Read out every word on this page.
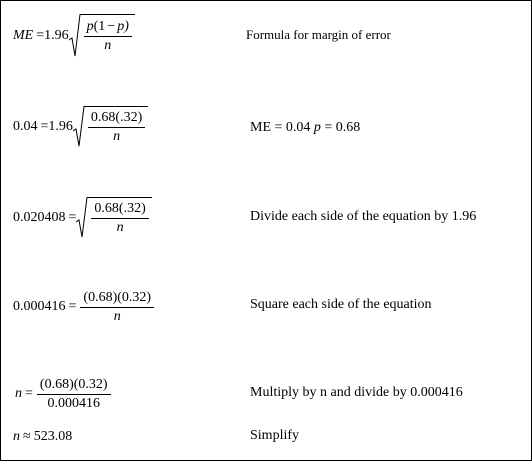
ME = $1.96 \frac{p(1 - p)}{n}$	Formula for margin of error
$0.04 = 1.96 \frac{0.68(.32)}{n}$	ME = 0.04 p = 0.68
$0.020408 = \frac{0.68(.32)}{n}$	Divide each side of the equation by 1.96
$0.000416 = \frac{(0.68)(0.32)}{n}$	Square each side of the equation
$n = \frac{(0.68)(0.32)}{0.000416}$	Multiply by n and divide by 0.000416
n ≈ 523.08	Simplify
